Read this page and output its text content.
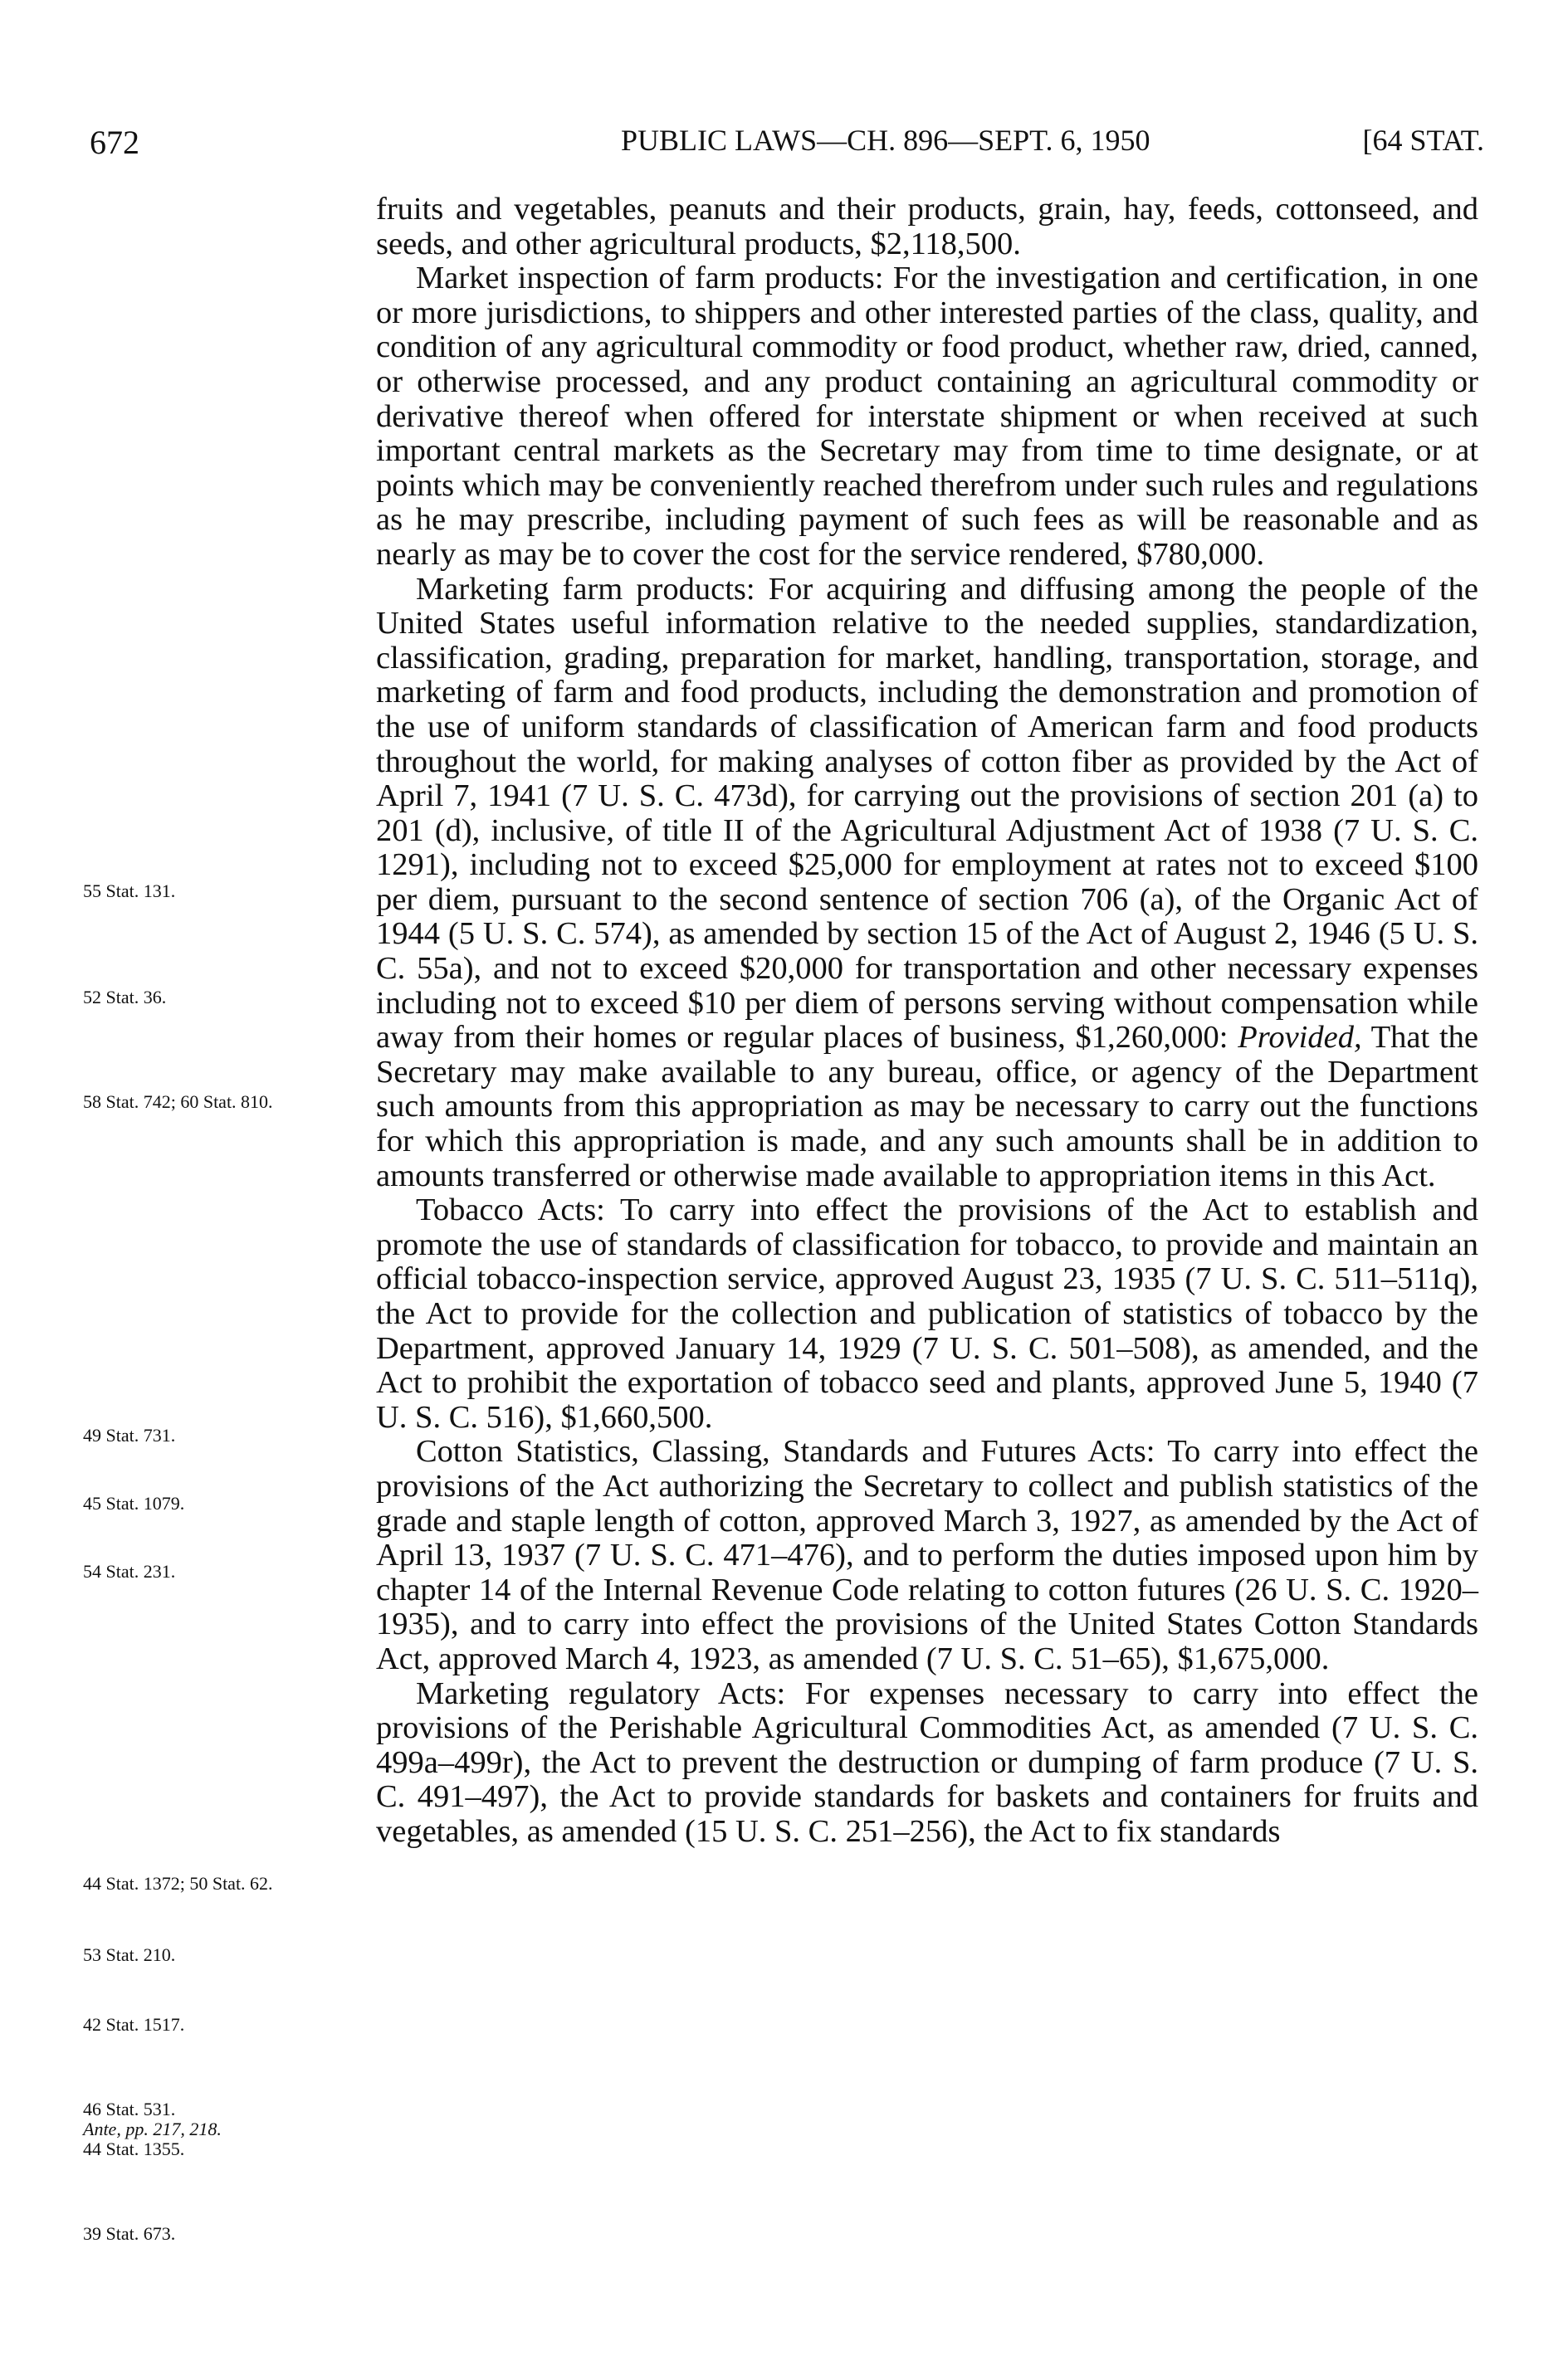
672	PUBLIC LAWS—CH. 896—SEPT. 6, 1950	[64 STAT.
55 Stat. 131.
52 Stat. 36.
58 Stat. 742; 60 Stat. 810.
49 Stat. 731.
45 Stat. 1079.
54 Stat. 231.
44 Stat. 1372; 50 Stat. 62.
53 Stat. 210.
42 Stat. 1517.
46 Stat. 531.
Ante, pp. 217, 218.
44 Stat. 1355.
39 Stat. 673.

fruits and vegetables, peanuts and their products, grain, hay, feeds, cottonseed, and seeds, and other agricultural products, $2,118,500.

Market inspection of farm products: For the investigation and certification, in one or more jurisdictions, to shippers and other interested parties of the class, quality, and condition of any agricultural commodity or food product, whether raw, dried, canned, or otherwise processed, and any product containing an agricultural commodity or derivative thereof when offered for interstate shipment or when received at such important central markets as the Secretary may from time to time designate, or at points which may be conveniently reached therefrom under such rules and regulations as he may prescribe, including payment of such fees as will be reasonable and as nearly as may be to cover the cost for the service rendered, $780,000.

Marketing farm products: For acquiring and diffusing among the people of the United States useful information relative to the needed supplies, standardization, classification, grading, preparation for market, handling, transportation, storage, and marketing of farm and food products, including the demonstration and promotion of the use of uniform standards of classification of American farm and food products throughout the world, for making analyses of cotton fiber as provided by the Act of April 7, 1941 (7 U. S. C. 473d), for carrying out the provisions of section 201 (a) to 201 (d), inclusive, of title II of the Agricultural Adjustment Act of 1938 (7 U. S. C. 1291), including not to exceed $25,000 for employment at rates not to exceed $100 per diem, pursuant to the second sentence of section 706 (a), of the Organic Act of 1944 (5 U. S. C. 574), as amended by section 15 of the Act of August 2, 1946 (5 U. S. C. 55a), and not to exceed $20,000 for transportation and other necessary expenses including not to exceed $10 per diem of persons serving without compensation while away from their homes or regular places of business, $1,260,000: Provided, That the Secretary may make available to any bureau, office, or agency of the Department such amounts from this appropriation as may be necessary to carry out the functions for which this appropriation is made, and any such amounts shall be in addition to amounts transferred or otherwise made available to appropriation items in this Act.

Tobacco Acts: To carry into effect the provisions of the Act to establish and promote the use of standards of classification for tobacco, to provide and maintain an official tobacco-inspection service, approved August 23, 1935 (7 U. S. C. 511–511q), the Act to provide for the collection and publication of statistics of tobacco by the Department, approved January 14, 1929 (7 U. S. C. 501–508), as amended, and the Act to prohibit the exportation of tobacco seed and plants, approved June 5, 1940 (7 U. S. C. 516), $1,660,500.

Cotton Statistics, Classing, Standards and Futures Acts: To carry into effect the provisions of the Act authorizing the Secretary to collect and publish statistics of the grade and staple length of cotton, approved March 3, 1927, as amended by the Act of April 13, 1937 (7 U. S. C. 471–476), and to perform the duties imposed upon him by chapter 14 of the Internal Revenue Code relating to cotton futures (26 U. S. C. 1920–1935), and to carry into effect the provisions of the United States Cotton Standards Act, approved March 4, 1923, as amended (7 U. S. C. 51–65), $1,675,000.

Marketing regulatory Acts: For expenses necessary to carry into effect the provisions of the Perishable Agricultural Commodities Act, as amended (7 U. S. C. 499a–499r), the Act to prevent the destruction or dumping of farm produce (7 U. S. C. 491–497), the Act to provide standards for baskets and containers for fruits and vegetables, as amended (15 U. S. C. 251–256), the Act to fix standards
